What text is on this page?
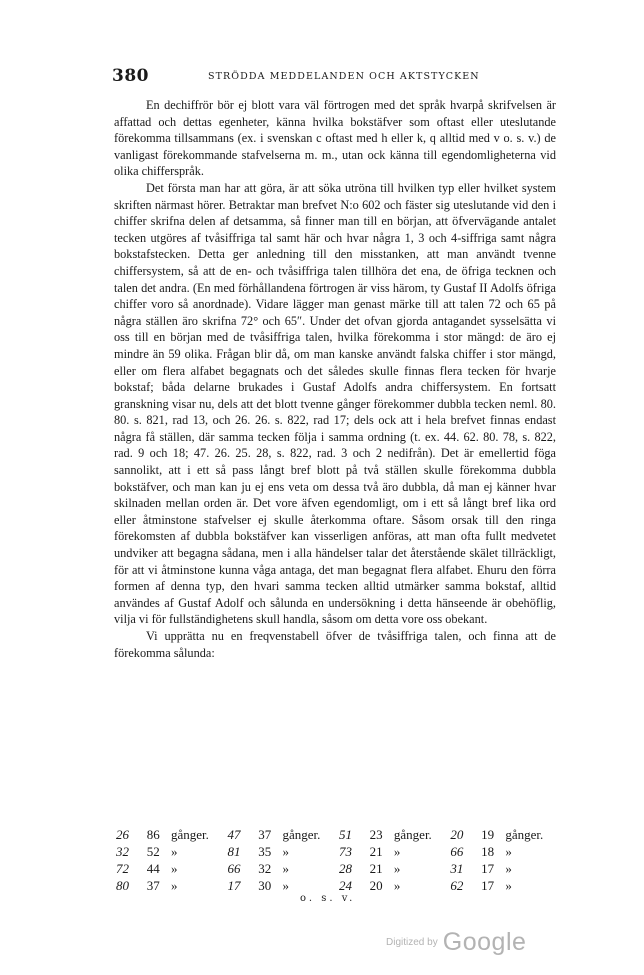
380	STRÖDDA MEDDELANDEN OCH AKTSTYCKEN

En dechiffrör bör ej blott vara väl förtrogen med det språk hvarpå skrifvelsen är affattad och dettas egenheter, känna hvilka bokstäfver som oftast eller uteslutande förekomma tillsammans (ex. i svenskan c oftast med h eller k, q alltid med v o. s. v.) de vanligast förekommande stafvelserna m. m., utan ock känna till egendomligheterna vid olika chifferspråk.

Det första man har att göra, är att söka utröna till hvilken typ eller hvilket system skriften närmast hörer. Betraktar man brefvet N:o 602 och fäster sig uteslutande vid den i chiffer skrifna delen af detsamma, så finner man till en början, att öfvervägande antalet tecken utgöres af tvåsiffriga tal samt här och hvar några 1, 3 och 4-siffriga samt några bokstafstecken. Detta ger anledning till den misstanken, att man användt tvenne chiffersystem, så att de en- och tvåsiffriga talen tillhöra det ena, de öfriga tecknen och talen det andra. (En med förhållandena förtrogen är viss härom, ty Gustaf II Adolfs öfriga chiffer voro så anordnade). Vidare lägger man genast märke till att talen 72 och 65 på några ställen äro skrifna 72° och 65″. Under det ofvan gjorda antagandet sysselsätta vi oss till en början med de tvåsiffriga talen, hvilka förekomma i stor mängd: de äro ej mindre än 59 olika. Frågan blir då, om man kanske användt falska chiffer i stor mängd, eller om flera alfabet begagnats och det således skulle finnas flera tecken för hvarje bokstaf; båda delarne brukades i Gustaf Adolfs andra chiffersystem. En fortsatt granskning visar nu, dels att det blott tvenne gånger förekommer dubbla tecken neml. 80. 80. s. 821, rad 13, och 26. 26. s. 822, rad 17; dels ock att i hela brefvet finnas endast några få ställen, där samma tecken följa i samma ordning (t. ex. 44. 62. 80. 78, s. 822, rad. 9 och 18; 47. 26. 25. 28, s. 822, rad. 3 och 2 nedifrån). Det är emellertid föga sannolikt, att i ett så pass långt bref blott på två ställen skulle förekomma dubbla bokstäfver, och man kan ju ej ens veta om dessa två äro dubbla, då man ej känner hvar skilnaden mellan orden är. Det vore äfven egendomligt, om i ett så långt bref lika ord eller åtminstone stafvelser ej skulle återkomma oftare. Såsom orsak till den ringa förekomsten af dubbla bokstäfver kan visserligen anföras, att man ofta fullt medvetet undviker att begagna sådana, men i alla händelser talar det återstående skälet tillräckligt, för att vi åtminstone kunna våga antaga, det man begagnat flera alfabet. Ehuru den förra formen af denna typ, den hvari samma tecken alltid utmärker samma bokstaf, alltid användes af Gustaf Adolf och sålunda en undersökning i detta hänseende är obehöflig, vilja vi för fullständighetens skull handla, såsom om detta vore oss obekant.

Vi upprätta nu en freqvenstabell öfver de tvåsiffriga talen, och finna att de förekomma sålunda:

26	86	gånger.	47	37	gånger.	51	23	gånger.	20	19	gånger.
32	52	»	81	35	»	73	21	»	66	18	»
72	44	»	66	32	»	28	21	»	31	17	»
80	37	»	17	30	»	24	20	»	62	17	»
o. s. v.
Digitized by Google
